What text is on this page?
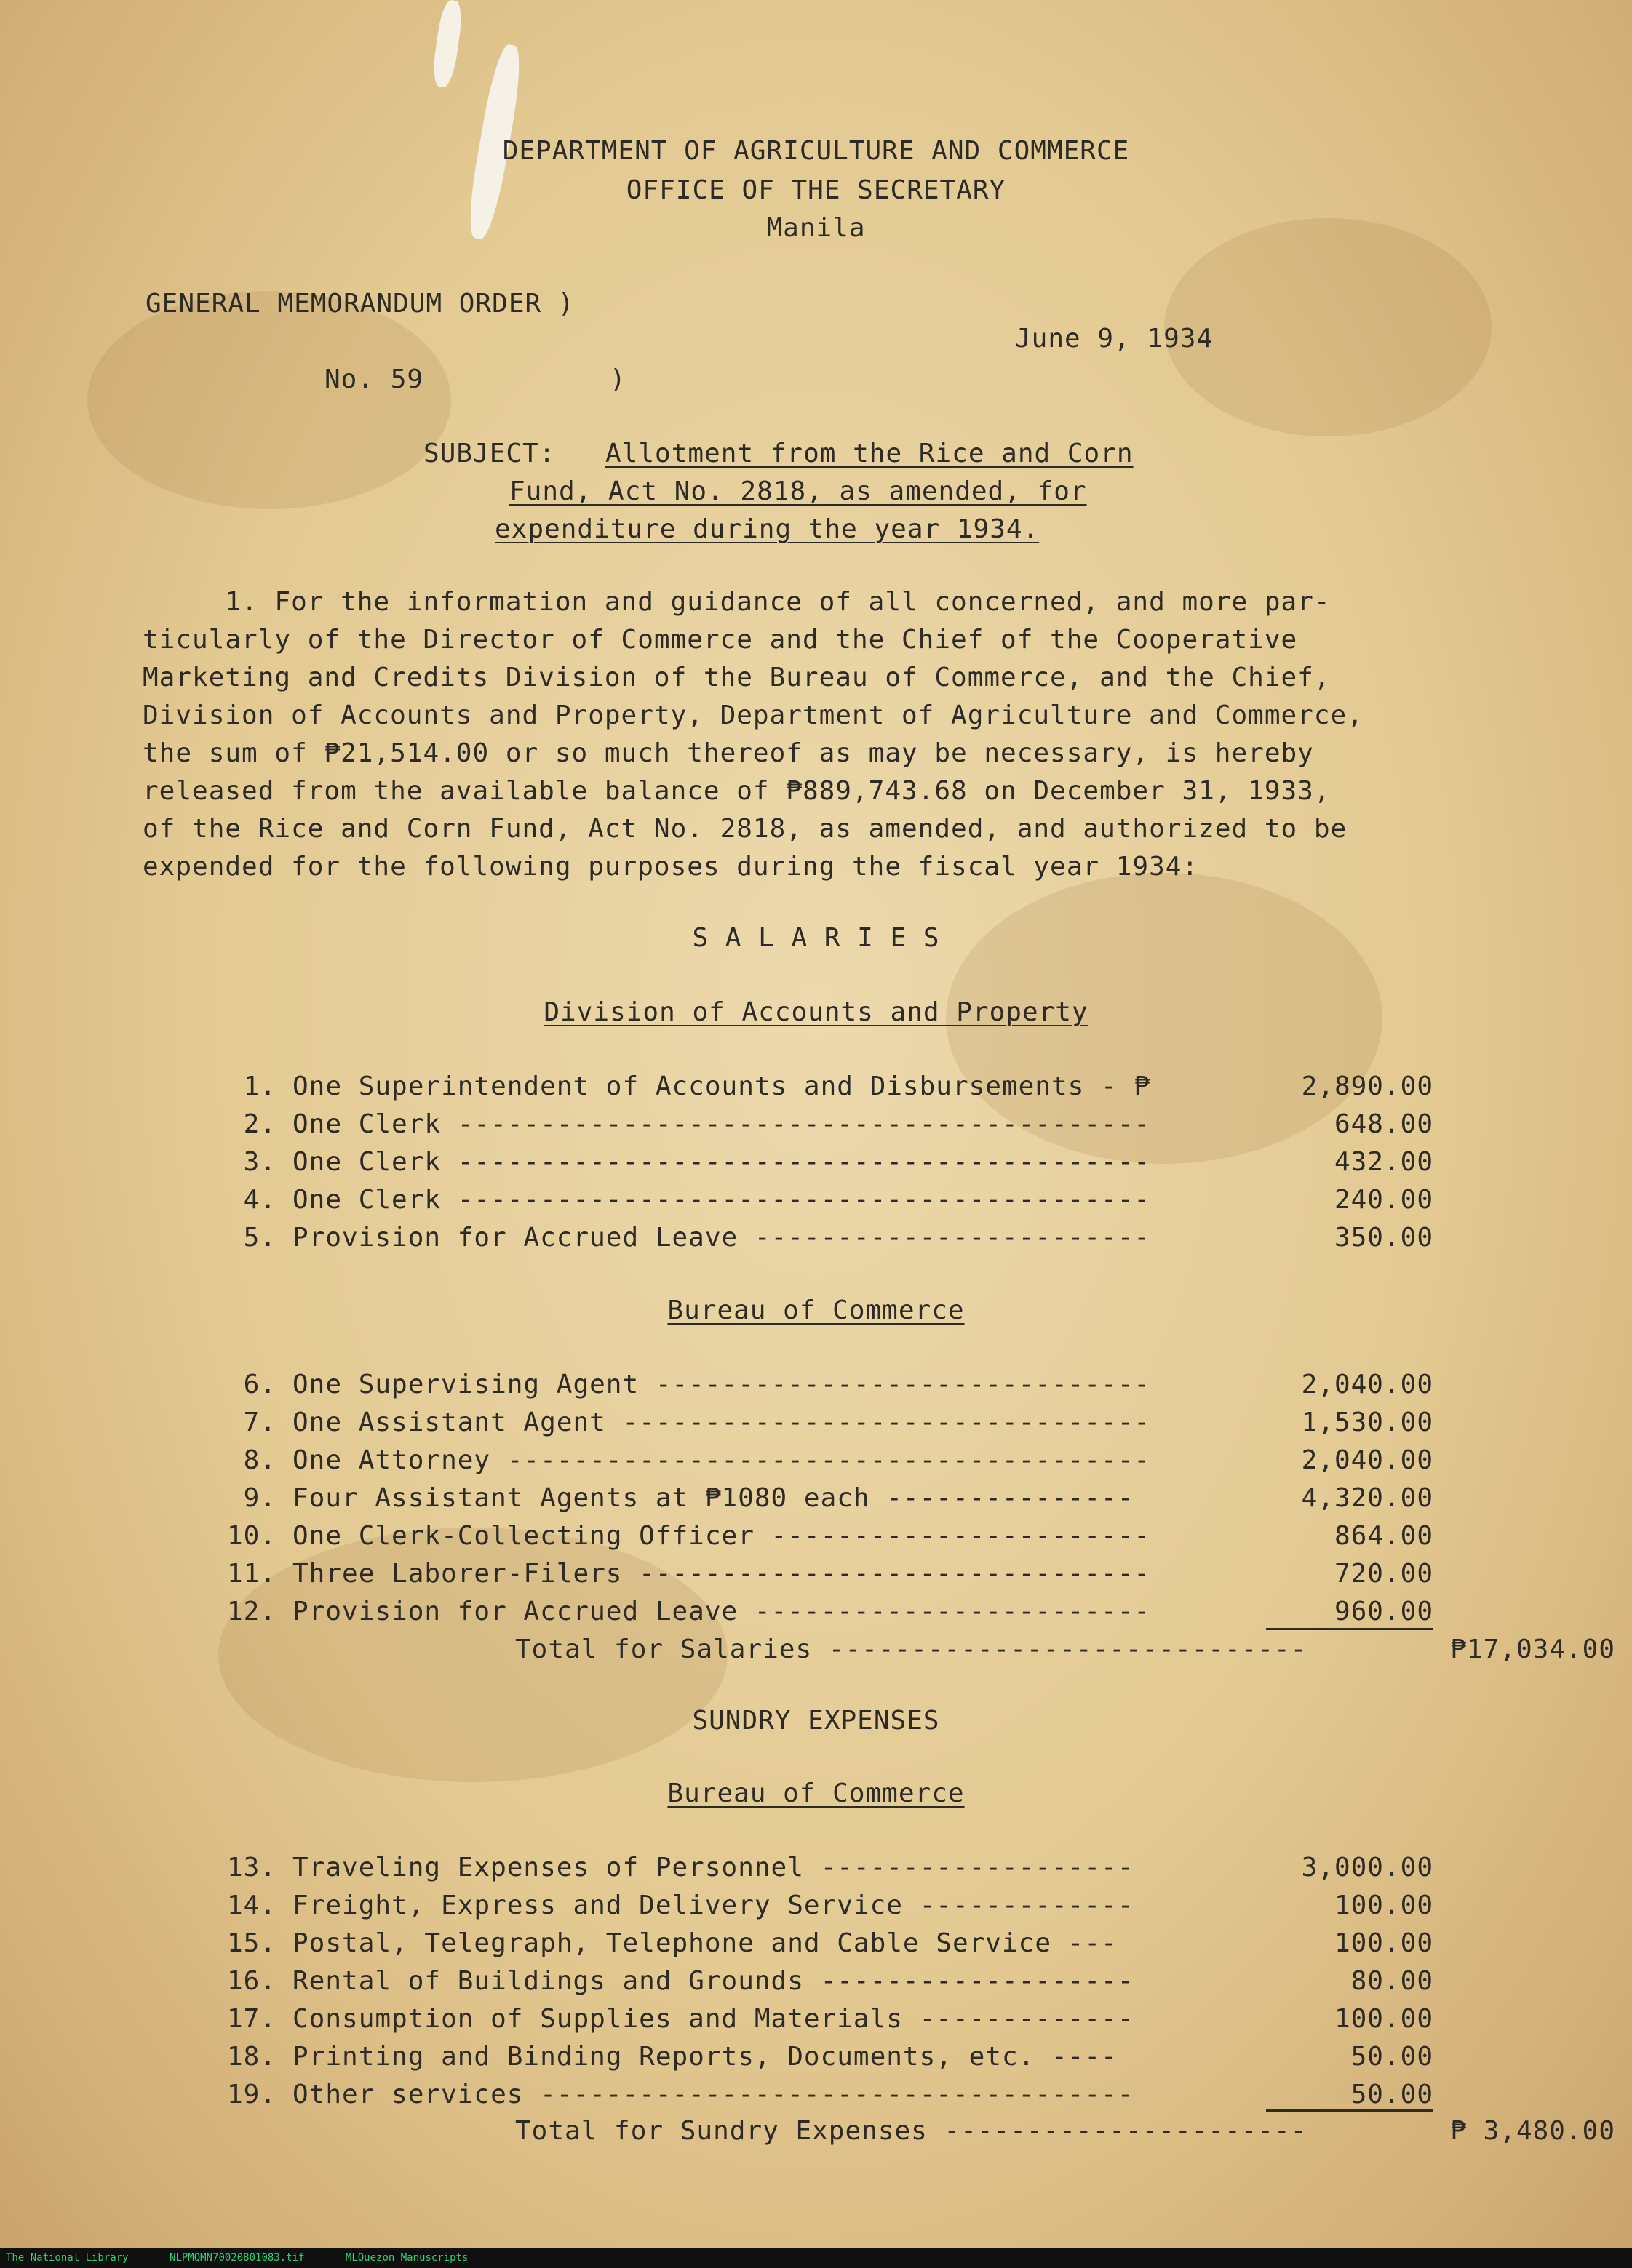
DEPARTMENT OF AGRICULTURE AND COMMERCE
OFFICE OF THE SECRETARY
Manila
GENERAL MEMORANDUM ORDER )
June 9, 1934
No. 59	)
SUBJECT: Allotment from the Rice and Corn
Fund, Act No. 2818, as amended, for
expenditure during the year 1934.
1. For the information and guidance of all concerned, and more par-
ticularly of the Director of Commerce and the Chief of the Cooperative
Marketing and Credits Division of the Bureau of Commerce, and the Chief,
Division of Accounts and Property, Department of Agriculture and Commerce,
the sum of ₱21,514.00 or so much thereof as may be necessary, is hereby
released from the available balance of ₱889,743.68 on December 31, 1933,
of the Rice and Corn Fund, Act No. 2818, as amended, and authorized to be
expended for the following purposes during the fiscal year 1934:
S A L A R I E S
Division of Accounts and Property
1. One Superintendent of Accounts and Disbursements - ₱	2,890.00
2. One Clerk ------------------------------------------	648.00
3. One Clerk ------------------------------------------	432.00
4. One Clerk ------------------------------------------	240.00
5. Provision for Accrued Leave ------------------------	350.00
Bureau of Commerce
6. One Supervising Agent ------------------------------	2,040.00
7. One Assistant Agent --------------------------------	1,530.00
8. One Attorney ---------------------------------------	2,040.00
9. Four Assistant Agents at ₱1080 each ---------------	4,320.00
10. One Clerk-Collecting Officer -----------------------	864.00
11. Three Laborer-Filers -------------------------------	720.00
12. Provision for Accrued Leave ------------------------	960.00
Total for Salaries -----------------------------	₱17,034.00
SUNDRY EXPENSES
Bureau of Commerce
13. Traveling Expenses of Personnel -------------------	3,000.00
14. Freight, Express and Delivery Service -------------	100.00
15. Postal, Telegraph, Telephone and Cable Service ---	100.00
16. Rental of Buildings and Grounds -------------------	80.00
17. Consumption of Supplies and Materials -------------	100.00
18. Printing and Binding Reports, Documents, etc. ----	50.00
19. Other services ------------------------------------	50.00
Total for Sundry Expenses ----------------------	₱ 3,480.00
The National Library	NLPMQMN70020801083.tif	MLQuezon Manuscripts
